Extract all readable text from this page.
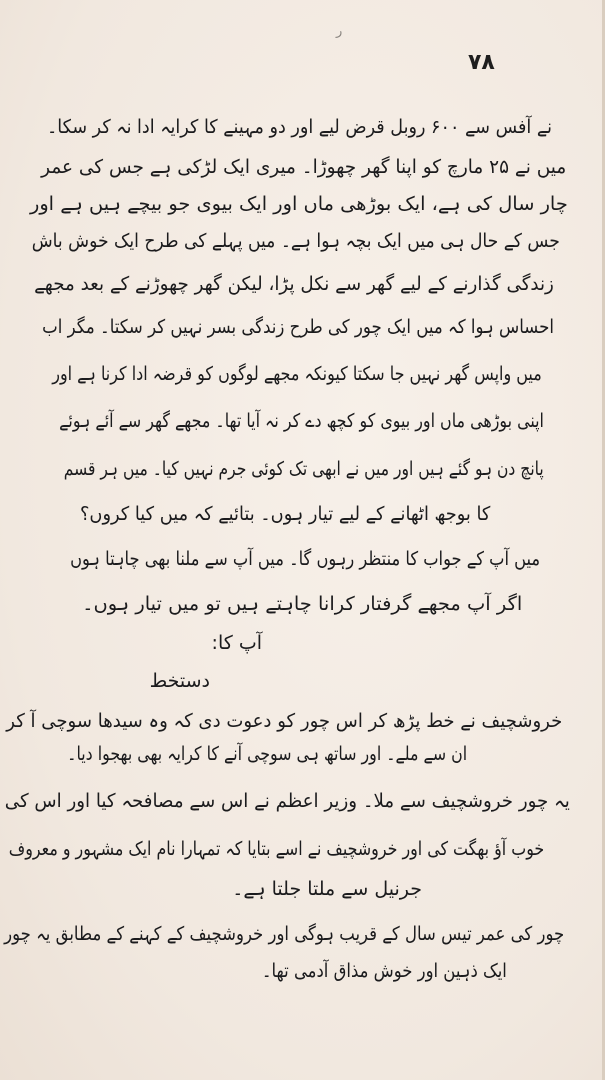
ر
۷۸
نے آفس سے ۶۰۰ روبل قرض لیے اور دو مہینے کا کرایہ ادا نہ کر سکا۔
میں نے ۲۵ مارچ کو اپنا گھر چھوڑا۔ میری ایک لڑکی ہے جس کی عمر
چار سال کی ہے، ایک بوڑھی ماں اور ایک بیوی جو بیچے ہیں ہے اور
جس کے حال ہی میں ایک بچہ ہوا ہے۔ میں پہلے کی طرح ایک خوش باش
زندگی گذارنے کے لیے گھر سے نکل پڑا، لیکن گھر چھوڑنے کے بعد مجھے
احساس ہوا کہ میں ایک چور کی طرح زندگی بسر نہیں کر سکتا۔ مگر اب
میں واپس گھر نہیں جا سکتا کیونکہ مجھے لوگوں کو قرضہ ادا کرنا ہے اور
اپنی بوڑھی ماں اور بیوی کو کچھ دے کر نہ آیا تھا۔ مجھے گھر سے آئے ہوئے
پانچ دن ہو گئے ہیں اور میں نے ابھی تک کوئی جرم نہیں کیا۔ میں ہر قسم
کا بوجھ اٹھانے کے لیے تیار ہوں۔ بتائیے کہ میں کیا کروں؟
میں آپ کے جواب کا منتظر رہوں گا۔ میں آپ سے ملنا بھی چاہتا ہوں
اگر آپ مجھے گرفتار کرانا چاہتے ہیں تو میں تیار ہوں۔
آپ کا:
دستخط
خروشچیف نے خط پڑھ کر اس چور کو دعوت دی کہ وہ سیدھا سوچی آ کر
ان سے ملے۔ اور ساتھ ہی سوچی آنے کا کرایہ بھی بھجوا دیا۔
یہ چور خروشچیف سے ملا۔ وزیر اعظم نے اس سے مصافحہ کیا اور اس کی
خوب آؤ بھگت کی اور خروشچیف نے اسے بتایا کہ تمہارا نام ایک مشہور و معروف
جرنیل سے ملتا جلتا ہے۔
چور کی عمر تیس سال کے قریب ہوگی اور خروشچیف کے کہنے کے مطابق یہ چور
ایک ذہین اور خوش مذاق آدمی تھا۔
